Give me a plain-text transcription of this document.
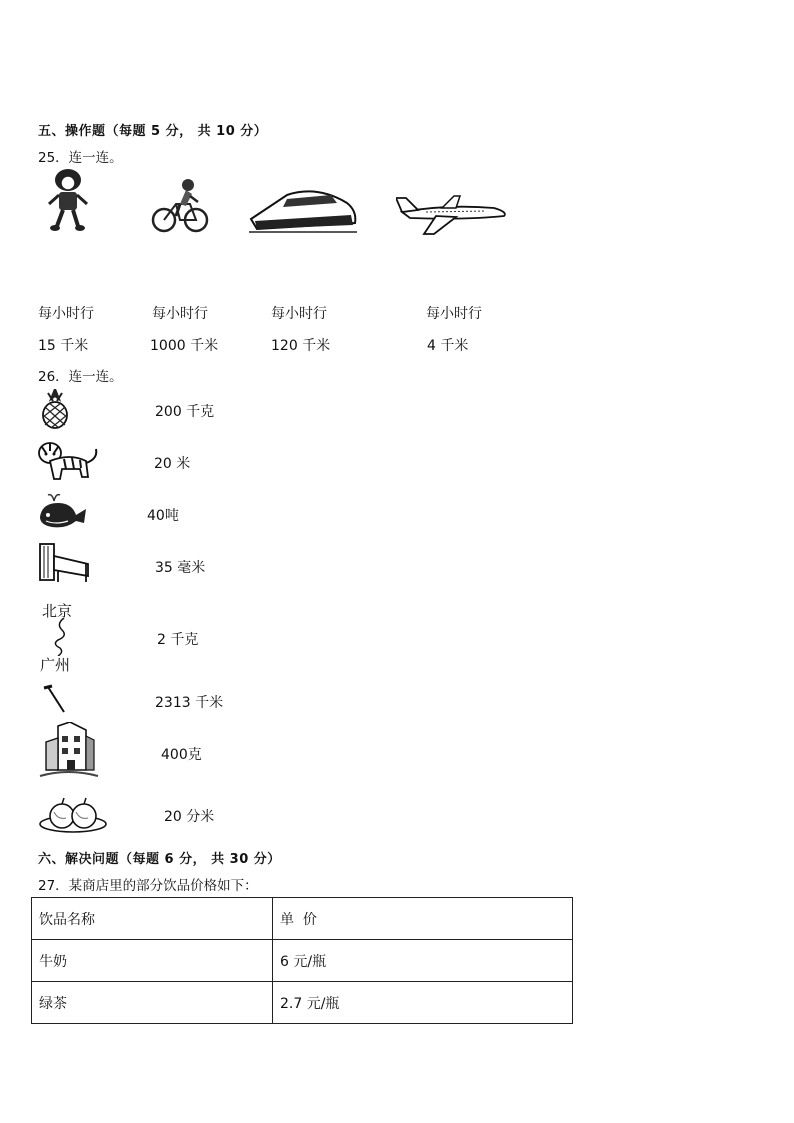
五、操作题（每题 5 分， 共 10 分）
25．连一连。
每小时行	每小时行	每小时行	每小时行
15 千米	1000 千米	120 千米	4 千米
26．连一连。
北京
广州
200 千克
20 米
40吨
35 毫米
2 千克
2313 千米
400克
20 分米
六、解决问题（每题 6 分， 共 30 分）
27．某商店里的部分饮品价格如下：
饮品名称	单  价
牛奶	6 元/瓶
绿茶	2.7 元/瓶
